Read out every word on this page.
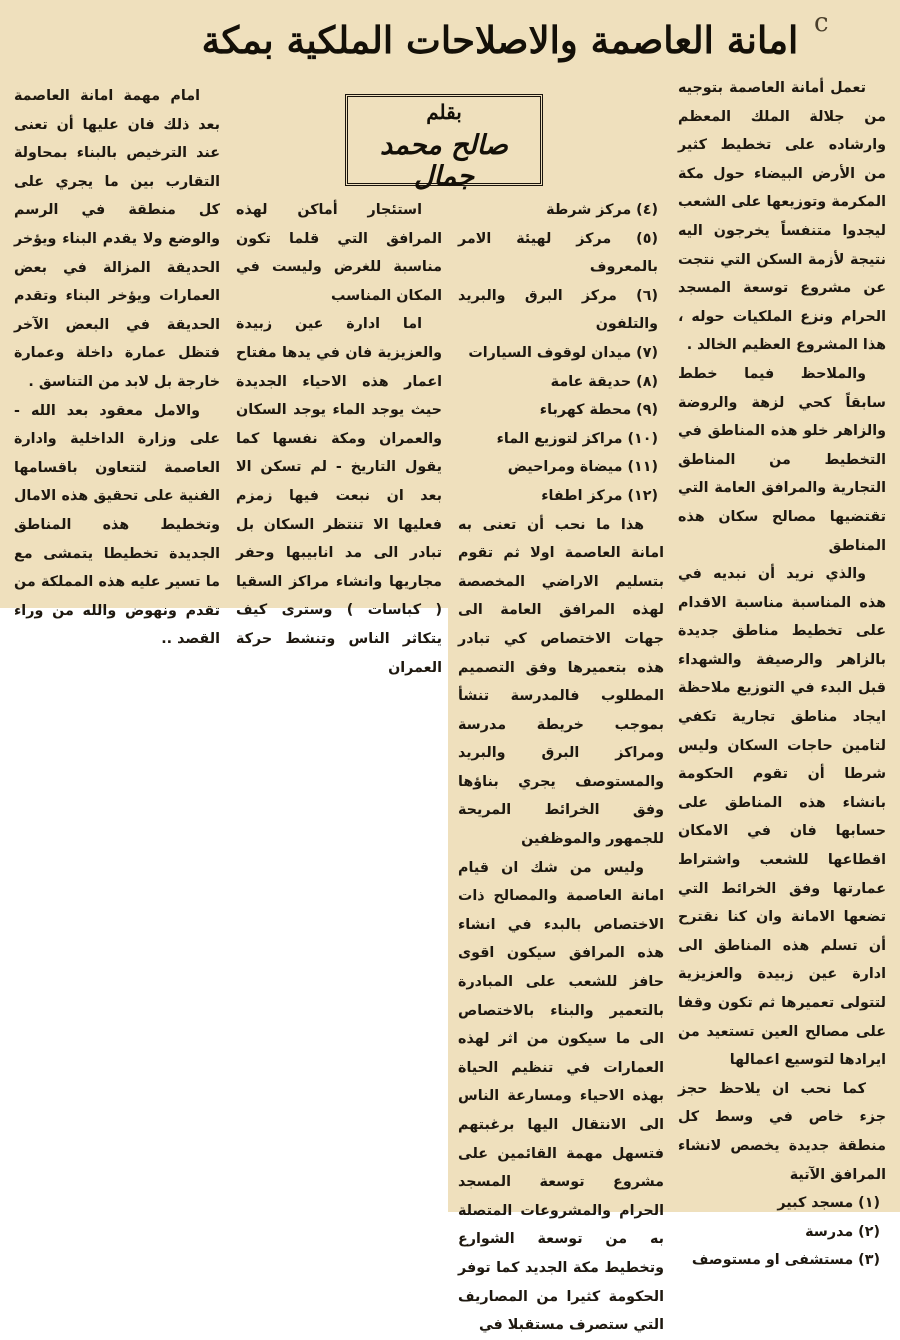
امانة العاصمة والاصلاحات الملكية بمكة c
بقلم
صالح محمد جمال

تعمل أمانة العاصمة بتوجيه من جلالة الملك المعظم وارشاده على تخطيط كثير من الأرض البيضاء حول مكة المكرمة وتوزيعها على الشعب ليجدوا متنفساً يخرجون اليه نتيجة لأزمة السكن التي نتجت عن مشروع توسعة المسجد الحرام ونزع الملكيات حوله ، هذا المشروع العظيم الخالد .

والملاحظ فيما خطط سابقاً كحي لزهة والروضة والزاهر خلو هذه المناطق في التخطيط من المناطق التجارية والمرافق العامة التي تقتضيها مصالح سكان هذه المناطق

والذي نريد أن نبديه في هذه المناسبة مناسبة الاقدام على تخطيط مناطق جديدة بالزاهر والرصيفة والشهداء قبل البدء في التوزيع ملاحظة ايجاد مناطق تجارية تكفي لتامين حاجات السكان وليس شرطا أن تقوم الحكومة بانشاء هذه المناطق على حسابها فان في الامكان اقطاعها للشعب واشتراط عمارتها وفق الخرائط التي تضعها الامانة وان كنا نقترح أن تسلم هذه المناطق الى ادارة عين زبيدة والعزيزية لتتولى تعميرها ثم تكون وقفا على مصالح العين تستعيد من ايرادها لتوسيع اعمالها

كما نحب ان يلاحظ حجز جزء خاص في وسط كل منطقة جديدة يخصص لانشاء المرافق الآتية

(١) مسجد كبير

(٢) مدرسة

(٣) مستشفى او مستوصف

(٤) مركز شرطة

(٥) مركز لهيئة الامر بالمعروف

(٦) مركز البرق والبريد والتلفون

(٧) ميدان لوقوف السيارات

(٨) حديقة عامة

(٩) محطة كهرباء

(١٠) مراكز لتوزيع الماء

(١١) ميضاة ومراحيض

(١٢) مركز اطفاء

هذا ما نحب أن تعنى به امانة العاصمة اولا ثم تقوم بتسليم الاراضي المخصصة لهذه المرافق العامة الى جهات الاختصاص كي تبادر هذه بتعميرها وفق التصميم المطلوب فالمدرسة تنشأ بموجب خريطة مدرسة ومراكز البرق والبريد والمستوصف يجري بناؤها وفق الخرائط المريحة للجمهور والموظفين

وليس من شك ان قيام امانة العاصمة والمصالح ذات الاختصاص بالبدء في انشاء هذه المرافق سيكون اقوى حافز للشعب على المبادرة بالتعمير والبناء بالاختصاص الى ما سيكون من اثر لهذه العمارات في تنظيم الحياة بهذه الاحياء ومسارعة الناس الى الانتقال اليها برغبتهم فتسهل مهمة القائمين على مشروع توسعة المسجد الحرام والمشروعات المتصلة به من توسعة الشوارع وتخطيط مكة الجديد كما توفر الحكومة كثيرا من المصاريف التي ستصرف مستقبلا في

استئجار أماكن لهذه المرافق التي قلما تكون مناسبة للغرض وليست في المكان المناسب

اما ادارة عين زبيدة والعزيزية فان في يدها مفتاح اعمار هذه الاحياء الجديدة حيث يوجد الماء يوجد السكان والعمران ومكة نفسها كما يقول التاريخ - لم تسكن الا بعد ان نبعت فيها زمزم فعليها الا تنتظر السكان بل تبادر الى مد انابيبها وحفر مجاريها وانشاء مراكز السقيا ( كباسات ) وسترى كيف يتكاثر الناس وتنشط حركة العمران

امام مهمة امانة العاصمة بعد ذلك فان عليها أن تعنى عند الترخيص بالبناء بمحاولة التقارب بين ما يجري على كل منطقة في الرسم والوضع ولا يقدم البناء ويؤخر الحديقة المزالة في بعض العمارات ويؤخر البناء وتقدم الحديقة في البعض الآخر فتظل عمارة داخلة وعمارة خارجة بل لابد من التناسق .

والامل معقود بعد الله - على وزارة الداخلية وادارة العاصمة لتتعاون باقسامها الفنية على تحقيق هذه الامال وتخطيط هذه المناطق الجديدة تخطيطا يتمشى مع ما تسير عليه هذه المملكة من تقدم ونهوض والله من وراء القصد ..
